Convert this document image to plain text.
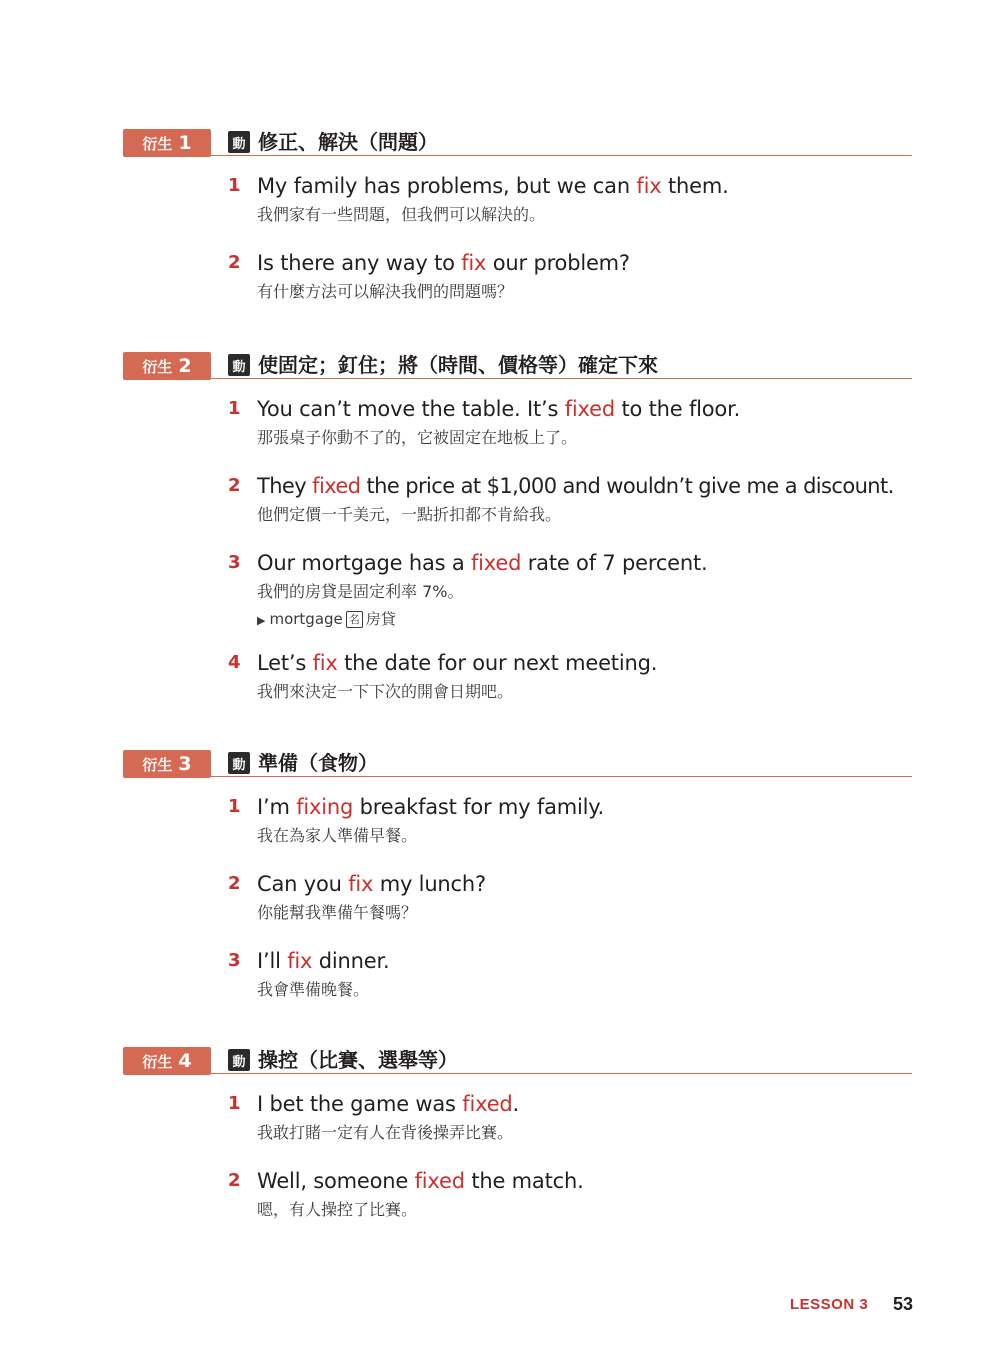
衍生 1	動 修正、解決（問題）
1 My family has problems, but we can fix them.
我們家有一些問題，但我們可以解決的。
2 Is there any way to fix our problem?
有什麼方法可以解決我們的問題嗎？
衍生 2	動 使固定；釘住；將（時間、價格等）確定下來
1 You can’t move the table. It’s fixed to the floor.
那張桌子你動不了的，它被固定在地板上了。
2 They fixed the price at $1,000 and wouldn’t give me a discount.
他們定價一千美元，一點折扣都不肯給我。
3 Our mortgage has a fixed rate of 7 percent.
我們的房貸是固定利率 7%。
▶ mortgage 名 房貸
4 Let’s fix the date for our next meeting.
我們來決定一下下次的開會日期吧。
衍生 3	動 準備（食物）
1 I’m fixing breakfast for my family.
我在為家人準備早餐。
2 Can you fix my lunch?
你能幫我準備午餐嗎？
3 I’ll fix dinner.
我會準備晚餐。
衍生 4	動 操控（比賽、選舉等）
1 I bet the game was fixed.
我敢打賭一定有人在背後操弄比賽。
2 Well, someone fixed the match.
嗯，有人操控了比賽。
LESSON 3 53
